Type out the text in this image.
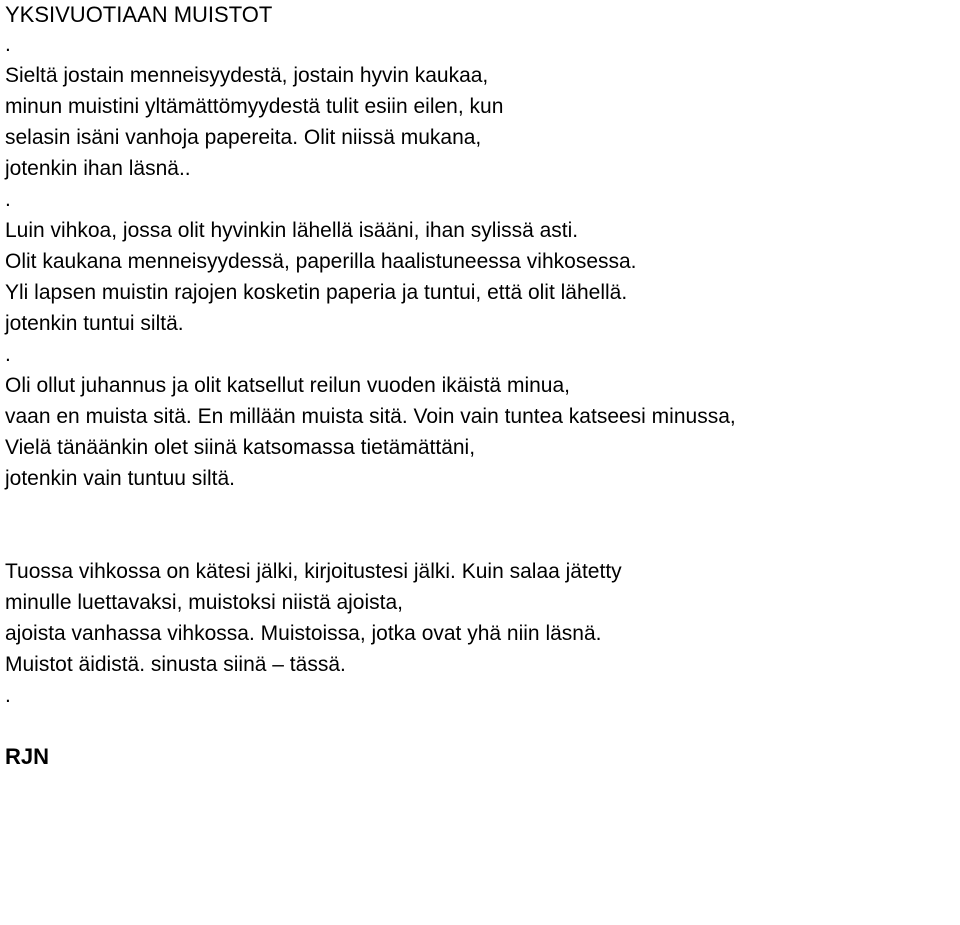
YKSIVUOTIAAN MUISTOT
.
Sieltä jostain menneisyydestä, jostain hyvin kaukaa,
minun muistini yltämättömyydestä tulit esiin eilen, kun
selasin isäni vanhoja papereita. Olit niissä mukana,
jotenkin ihan läsnä..
.
Luin vihkoa, jossa olit hyvinkin lähellä isääni, ihan sylissä asti.
Olit kaukana menneisyydessä, paperilla haalistuneessa vihkosessa.
Yli lapsen muistin rajojen kosketin paperia ja tuntui, että olit lähellä.
jotenkin tuntui siltä.
.
Oli ollut juhannus ja olit katsellut reilun vuoden ikäistä minua,
vaan en muista sitä. En millään muista sitä. Voin vain tuntea katseesi minussa,
Vielä tänäänkin olet siinä katsomassa tietämättäni,
jotenkin vain tuntuu siltä.
Tuossa vihkossa on kätesi jälki, kirjoitustesi jälki. Kuin salaa jätetty
minulle luettavaksi, muistoksi niistä ajoista,
ajoista vanhassa vihkossa. Muistoissa, jotka ovat yhä niin läsnä.
Muistot äidistä. sinusta siinä – tässä.
.
RJN
